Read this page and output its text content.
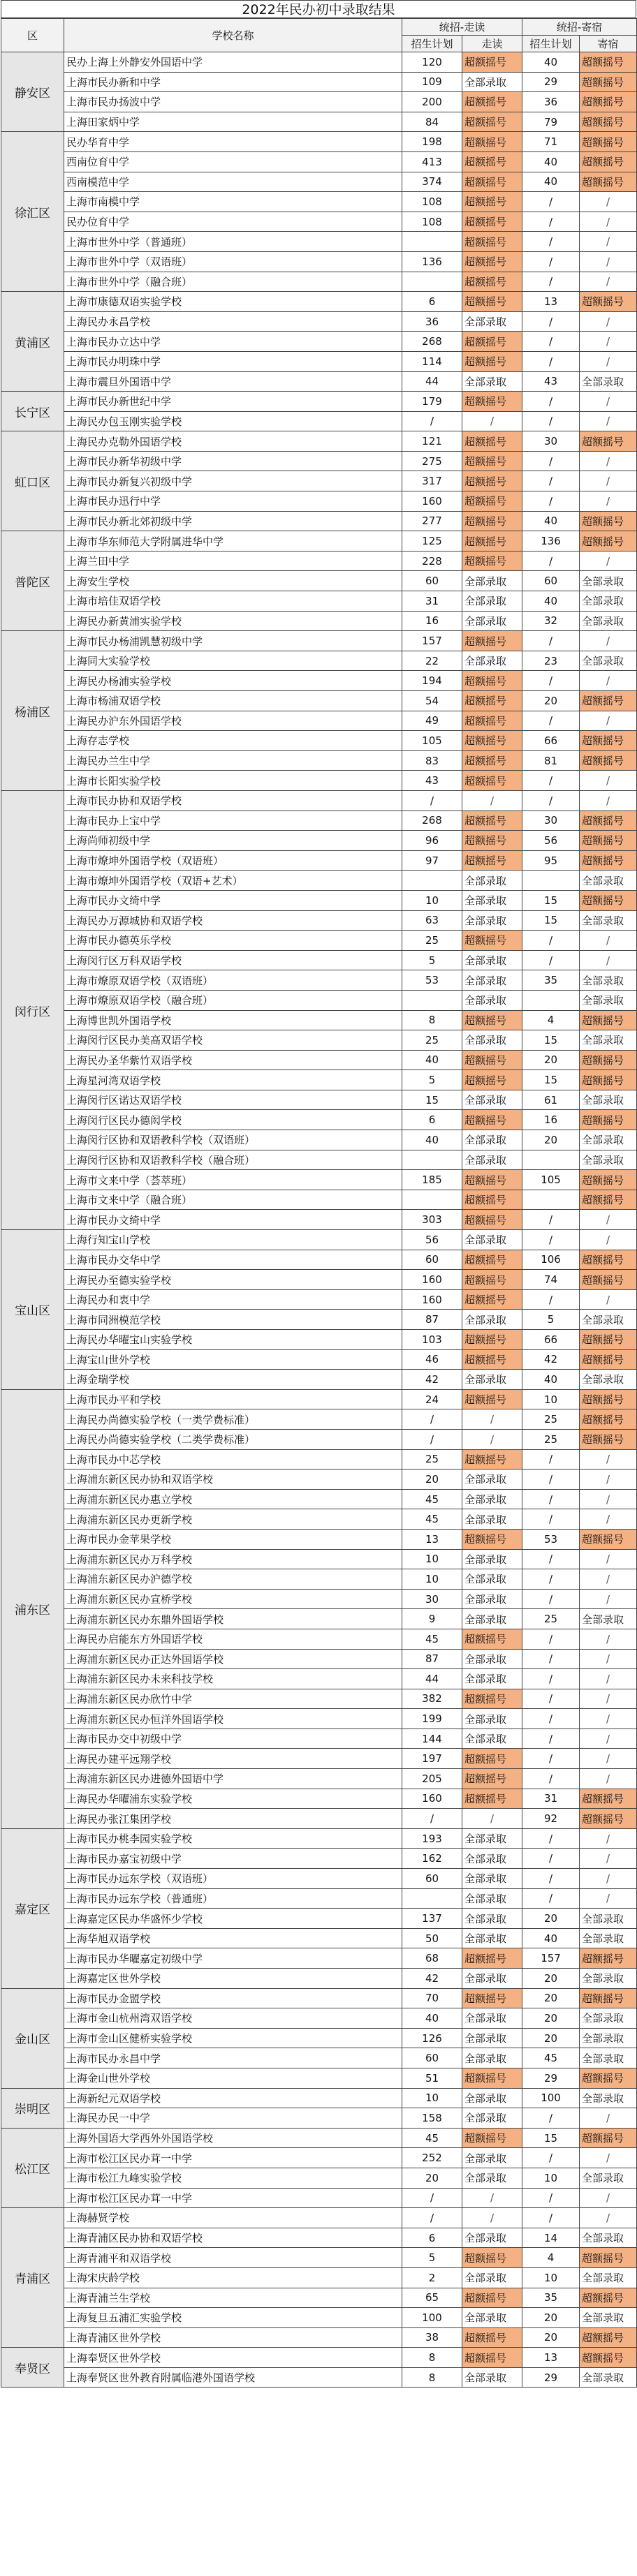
2022年民办初中录取结果
区	学校名称	统招-走读		统招-寄宿	
		招生计划	走读	招生计划	寄宿
静安区	民办上海上外静安外国语中学	120	超额摇号	40	超额摇号
	上海市民办新和中学	109	全部录取	29	超额摇号
	上海市民办扬波中学	200	超额摇号	36	超额摇号
	上海田家炳中学	84	超额摇号	79	超额摇号
徐汇区	民办华育中学	198	超额摇号	71	超额摇号
	西南位育中学	413	超额摇号	40	超额摇号
	西南模范中学	374	超额摇号	40	超额摇号
	上海市南模中学	108	超额摇号	/	/
	民办位育中学	108	超额摇号	/	/
	上海市世外中学（普通班）		超额摇号	/	/
	上海市世外中学（双语班）	136	超额摇号	/	/
	上海市世外中学（融合班）		超额摇号	/	/
黄浦区	上海市康德双语实验学校	6	超额摇号	13	超额摇号
	上海民办永昌学校	36	全部录取	/	/
	上海市民办立达中学	268	超额摇号	/	/
	上海市民办明珠中学	114	超额摇号	/	/
	上海市震旦外国语中学	44	全部录取	43	全部录取
长宁区	上海市民办新世纪中学	179	超额摇号	/	/
	上海民办包玉刚实验学校	/	/	/	/
虹口区	上海民办克勒外国语学校	121	超额摇号	30	超额摇号
	上海市民办新华初级中学	275	超额摇号	/	/
	上海市民办新复兴初级中学	317	超额摇号	/	/
	上海市民办迅行中学	160	超额摇号	/	/
	上海市民办新北郊初级中学	277	超额摇号	40	超额摇号
普陀区	上海市华东师范大学附属进华中学	125	超额摇号	136	超额摇号
	上海兰田中学	228	超额摇号	/	/
	上海安生学校	60	全部录取	60	全部录取
	上海市培佳双语学校	31	全部录取	40	全部录取
	上海民办新黄浦实验学校	16	全部录取	32	全部录取
杨浦区	上海市民办杨浦凯慧初级中学	157	超额摇号	/	/
	上海同大实验学校	22	全部录取	23	全部录取
	上海民办杨浦实验学校	194	超额摇号	/	/
	上海市杨浦双语学校	54	超额摇号	20	超额摇号
	上海民办沪东外国语学校	49	超额摇号	/	/
	上海存志学校	105	超额摇号	66	超额摇号
	上海民办兰生中学	83	超额摇号	81	超额摇号
	上海市长阳实验学校	43	超额摇号	/	/
闵行区	上海市民办协和双语学校	/	/	/	/
	上海市民办上宝中学	268	超额摇号	30	超额摇号
	上海尚师初级中学	96	超额摇号	56	超额摇号
	上海市燎坤外国语学校（双语班）	97	超额摇号	95	超额摇号
	上海市燎坤外国语学校（双语+艺术）		全部录取		全部录取
	上海市民办文绮中学	10	全部录取	15	超额摇号
	上海民办万源城协和双语学校	63	全部录取	15	全部录取
	上海市民办德英乐学校	25	超额摇号	/	/
	上海闵行区万科双语学校	5	全部录取	/	/
	上海市燎原双语学校（双语班）	53	全部录取	35	全部录取
	上海市燎原双语学校（融合班）		全部录取		全部录取
	上海博世凯外国语学校	8	超额摇号	4	超额摇号
	上海闵行区民办美高双语学校	25	全部录取	15	全部录取
	上海民办圣华紫竹双语学校	40	超额摇号	20	超额摇号
	上海星河湾双语学校	5	超额摇号	15	超额摇号
	上海闵行区诺达双语学校	15	全部录取	61	全部录取
	上海闵行区民办德闳学校	6	超额摇号	16	超额摇号
	上海闵行区协和双语教科学校（双语班）	40	全部录取	20	全部录取
	上海闵行区协和双语教科学校（融合班）		全部录取		全部录取
	上海市文来中学（荟萃班）	185	超额摇号	105	超额摇号
	上海市文来中学（融合班）		超额摇号		超额摇号
	上海市民办文绮中学	303	超额摇号	/	/
宝山区	上海行知宝山学校	56	全部录取	/	/
	上海市民办交华中学	60	超额摇号	106	超额摇号
	上海民办至德实验学校	160	超额摇号	74	超额摇号
	上海民办和衷中学	160	超额摇号	/	/
	上海市同洲模范学校	87	全部录取	5	全部录取
	上海民办华曜宝山实验学校	103	超额摇号	66	超额摇号
	上海宝山世外学校	46	超额摇号	42	超额摇号
	上海金瑞学校	42	全部录取	40	全部录取
浦东区	上海市民办平和学校	24	超额摇号	10	超额摇号
	上海民办尚德实验学校（一类学费标准）	/	/	25	超额摇号
	上海民办尚德实验学校（二类学费标准）	/	/	25	超额摇号
	上海市民办中芯学校	25	超额摇号	/	/
	上海浦东新区民办协和双语学校	20	全部录取	/	/
	上海浦东新区民办惠立学校	45	全部录取	/	/
	上海浦东新区民办更新学校	45	全部录取	/	/
	上海市民办金苹果学校	13	超额摇号	53	超额摇号
	上海浦东新区民办万科学校	10	全部录取	/	/
	上海浦东新区民办沪德学校	10	全部录取	/	/
	上海浦东新区民办宣桥学校	30	全部录取	/	/
	上海浦东新区民办东鼎外国语学校	9	全部录取	25	全部录取
	上海民办启能东方外国语学校	45	超额摇号	/	/
	上海浦东新区民办正达外国语学校	87	全部录取	/	/
	上海浦东新区民办未来科技学校	44	全部录取	/	/
	上海浦东新区民办欣竹中学	382	超额摇号	/	/
	上海浦东新区民办恒洋外国语学校	199	全部录取	/	/
	上海市民办交中初级中学	144	全部录取	/	/
	上海民办建平远翔学校	197	超额摇号	/	/
	上海浦东新区民办进德外国语中学	205	超额摇号	/	/
	上海民办华曜浦东实验学校	160	超额摇号	31	超额摇号
	上海民办张江集团学校	/	/	92	超额摇号
嘉定区	上海市民办桃李园实验学校	193	全部录取	/	/
	上海市民办嘉宝初级中学	162	全部录取	/	/
	上海市民办远东学校（双语班）	60	全部录取	/	/
	上海市民办远东学校（普通班）		全部录取	/	/
	上海嘉定区民办华盛怀少学校	137	全部录取	20	全部录取
	上海华旭双语学校	50	全部录取	40	全部录取
	上海市民办华曜嘉定初级中学	68	超额摇号	157	超额摇号
	上海嘉定区世外学校	42	全部录取	20	全部录取
金山区	上海市民办金盟学校	70	超额摇号	20	超额摇号
	上海市金山杭州湾双语学校	40	全部录取	20	全部录取
	上海市金山区健桥实验学校	126	全部录取	20	全部录取
	上海市民办永昌中学	60	全部录取	45	全部录取
	上海金山世外学校	51	超额摇号	29	超额摇号
崇明区	上海新纪元双语学校	10	全部录取	100	全部录取
	上海民办民一中学	158	全部录取	/	/
松江区	上海外国语大学西外外国语学校	45	超额摇号	15	超额摇号
	上海市松江区民办茸一中学	252	全部录取	/	/
	上海市松江九峰实验学校	20	全部录取	10	全部录取
	上海市松江区民办茸一中学	/	/	/	/
青浦区	上海赫贤学校	/	/	/	/
	上海青浦区民办协和双语学校	6	全部录取	14	全部录取
	上海青浦平和双语学校	5	超额摇号	4	超额摇号
	上海宋庆龄学校	2	全部录取	10	全部录取
	上海青浦兰生学校	65	超额摇号	35	超额摇号
	上海复旦五浦汇实验学校	100	全部录取	20	全部录取
	上海青浦区世外学校	38	超额摇号	20	超额摇号
奉贤区	上海奉贤区世外学校	8	超额摇号	13	超额摇号
	上海奉贤区世外教育附属临港外国语学校	8	全部录取	29	全部录取
